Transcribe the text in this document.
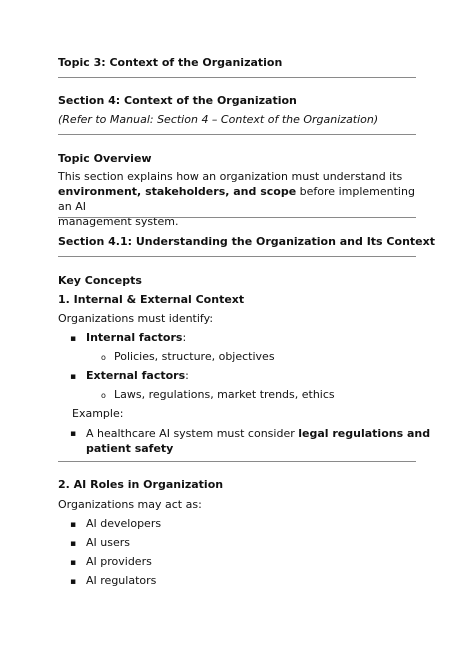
Topic 3: Context of the Organization
Section 4: Context of the Organization
(Refer to Manual: Section 4 – Context of the Organization)
Topic Overview
This section explains how an organization must understand its
environment, stakeholders, and scope before implementing an AI
management system.
Section 4.1: Understanding the Organization and Its Context
Key Concepts
1. Internal & External Context
Organizations must identify:
▪ Internal factors:
o Policies, structure, objectives
▪ External factors:
o Laws, regulations, market trends, ethics
Example:
▪ A healthcare AI system must consider legal regulations and
patient safety
2. AI Roles in Organization
Organizations may act as:
▪ AI developers
▪ AI users
▪ AI providers
▪ AI regulators
